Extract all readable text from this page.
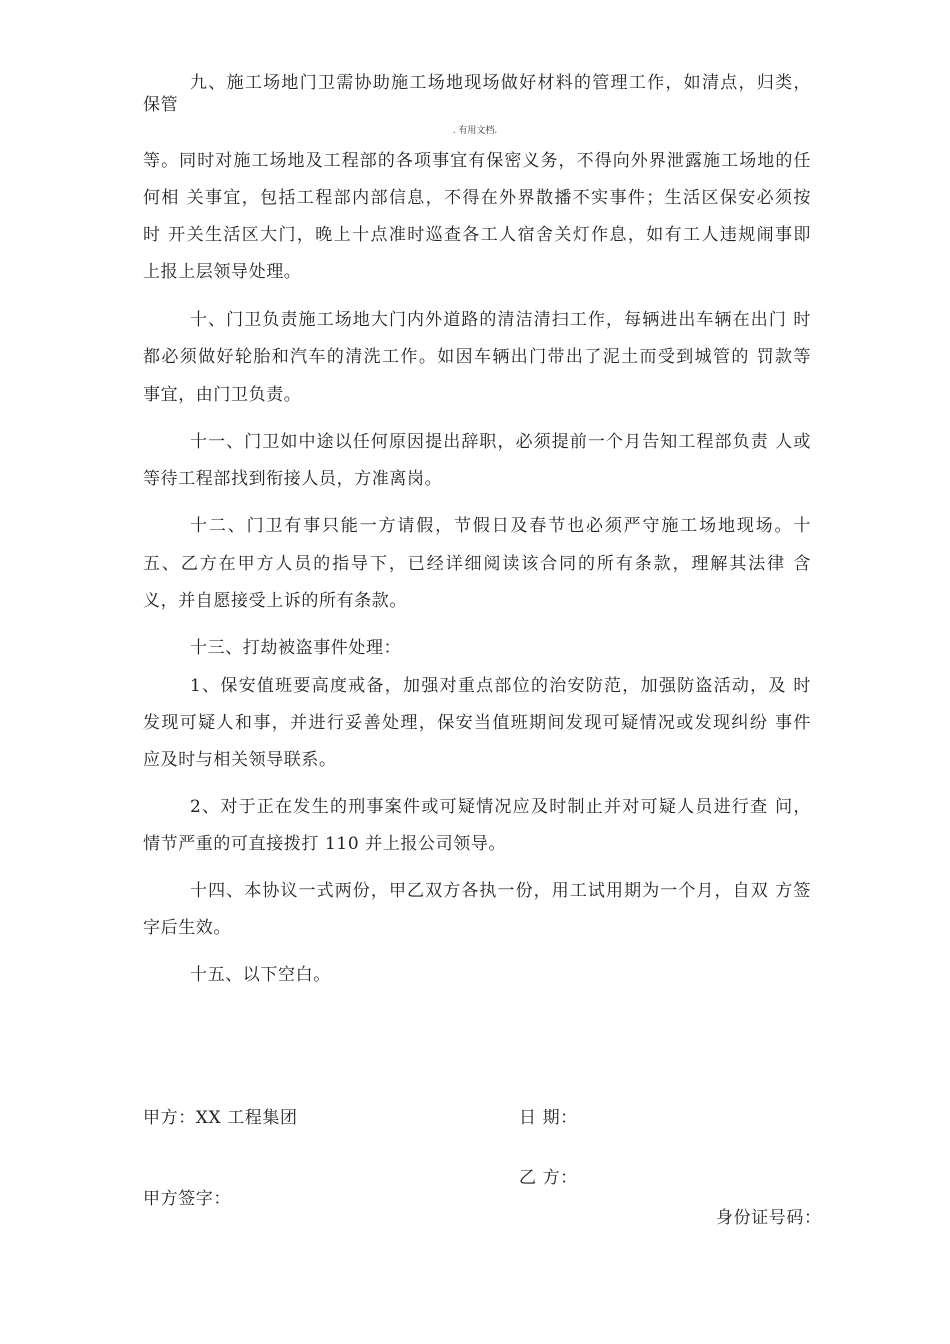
九、施工场地门卫需协助施工场地现场做好材料的管理工作，如清点，归类，
保管
. 有用文档.
等。同时对施工场地及工程部的各项事宜有保密义务，不得向外界泄露施工场地的任
何相 关事宜，包括工程部内部信息，不得在外界散播不实事件；生活区保安必须按
时 开关生活区大门，晚上十点准时巡查各工人宿舍关灯作息，如有工人违规闹事即
上报上层领导处理。
十、门卫负责施工场地大门内外道路的清洁清扫工作，每辆进出车辆在出门 时
都必须做好轮胎和汽车的清洗工作。如因车辆出门带出了泥土而受到城管的 罚款等
事宜，由门卫负责。
十一、门卫如中途以任何原因提出辞职，必须提前一个月告知工程部负责 人或
等待工程部找到衔接人员，方准离岗。
十二、门卫有事只能一方请假，节假日及春节也必须严守施工场地现场。十
五、乙方在甲方人员的指导下，已经详细阅读该合同的所有条款，理解其法律 含
义，并自愿接受上诉的所有条款。
十三、打劫被盗事件处理：
1、保安值班要高度戒备，加强对重点部位的治安防范，加强防盗活动，及 时
发现可疑人和事，并进行妥善处理，保安当值班期间发现可疑情况或发现纠纷 事件
应及时与相关领导联系。
2、对于正在发生的刑事案件或可疑情况应及时制止并对可疑人员进行查 问，
情节严重的可直接拨打 110 并上报公司领导。
十四、本协议一式两份，甲乙双方各执一份，用工试用期为一个月，自双 方签
字后生效。
十五、以下空白。
甲方：XX 工程集团	日 期：
乙 方：
甲方签字：
身份证号码：
